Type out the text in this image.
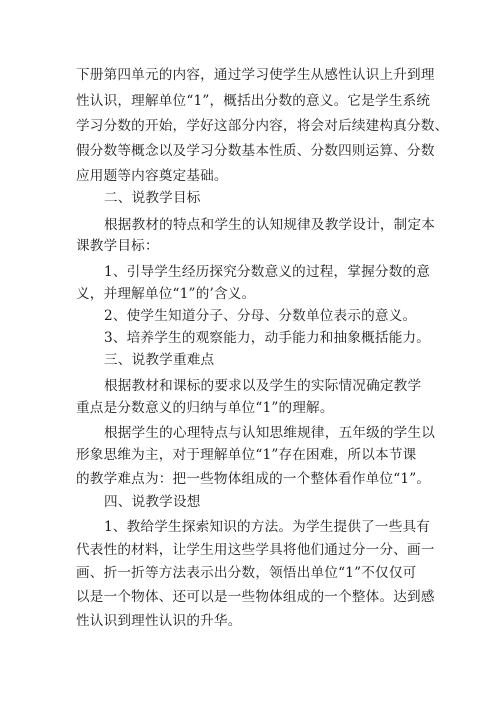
下册第四单元的内容，通过学习使学生从感性认识上升到理
性认识，理解单位“1”，概括出分数的意义。它是学生系统
学习分数的开始，学好这部分内容，将会对后续建构真分数、
假分数等概念以及学习分数基本性质、分数四则运算、分数
应用题等内容奠定基础。
二、说教学目标
根据教材的特点和学生的认知规律及教学设计，制定本
课教学目标：
1、引导学生经历探究分数意义的过程，掌握分数的意
义，并理解单位“1”的’含义。
2、使学生知道分子、分母、分数单位表示的意义。
3、培养学生的观察能力，动手能力和抽象概括能力。
三、说教学重难点
根据教材和课标的要求以及学生的实际情况确定教学
重点是分数意义的归纳与单位“1”的理解。
根据学生的心理特点与认知思维规律，五年级的学生以
形象思维为主，对于理解单位“1”存在困难，所以本节课
的教学难点为：把一些物体组成的一个整体看作单位“1”。
四、说教学设想
1、教给学生探索知识的方法。为学生提供了一些具有
代表性的材料，让学生用这些学具将他们通过分一分、画一
画、折一折等方法表示出分数，领悟出单位“1”不仅仅可
以是一个物体、还可以是一些物体组成的一个整体。达到感
性认识到理性认识的升华。
